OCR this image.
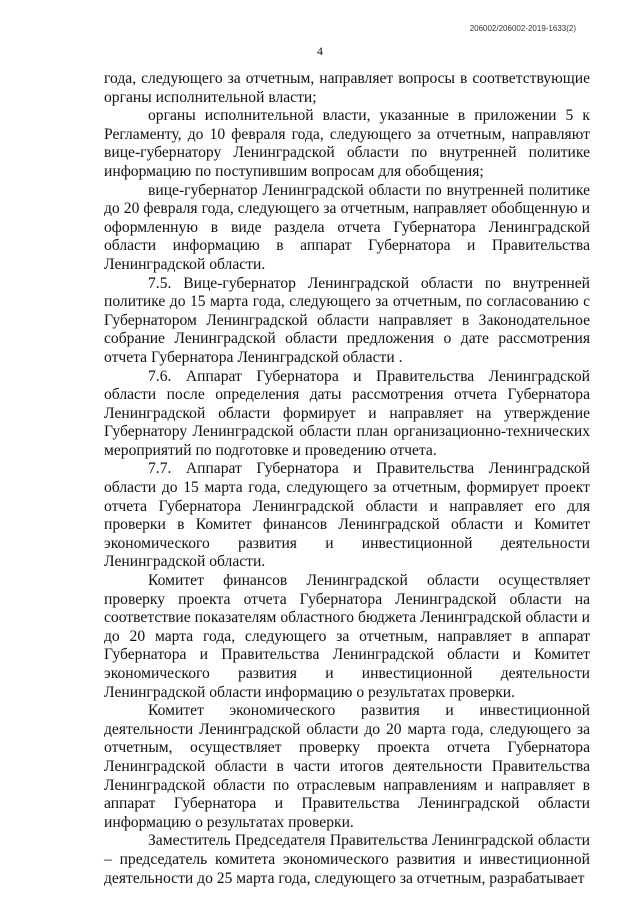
206002/206002-2019-1633(2)
4

года, следующего за отчетным, направляет вопросы в соответствующие органы исполнительной власти;

органы исполнительной власти, указанные в приложении 5 к Регламенту, до 10 февраля года, следующего за отчетным, направляют вице-губернатору Ленинградской области по внутренней политике информацию по поступившим вопросам для обобщения;

вице-губернатор Ленинградской области по внутренней политике до 20 февраля года, следующего за отчетным, направляет обобщенную и оформленную в виде раздела отчета Губернатора Ленинградской области информацию в аппарат Губернатора и Правительства Ленинградской области.

7.5. Вице-губернатор Ленинградской области по внутренней политике до 15 марта года, следующего за отчетным, по согласованию с Губернатором Ленинградской области направляет в Законодательное собрание Ленинградской области предложения о дате рассмотрения отчета Губернатора Ленинградской области .

7.6. Аппарат Губернатора и Правительства Ленинградской области после определения даты рассмотрения отчета Губернатора Ленинградской области формирует и направляет на утверждение Губернатору Ленинградской области план организационно-технических мероприятий по подготовке и проведению отчета.

7.7. Аппарат Губернатора и Правительства Ленинградской области до 15 марта года, следующего за отчетным, формирует проект отчета Губернатора Ленинградской области и направляет его для проверки в Комитет финансов Ленинградской области и Комитет экономического развития и инвестиционной деятельности Ленинградской области.

Комитет финансов Ленинградской области осуществляет проверку проекта отчета Губернатора Ленинградской области на соответствие показателям областного бюджета Ленинградской области и до 20 марта года, следующего за отчетным, направляет в аппарат Губернатора и Правительства Ленинградской области и Комитет экономического развития и инвестиционной деятельности Ленинградской области информацию о результатах проверки.

Комитет экономического развития и инвестиционной деятельности Ленинградской области до 20 марта года, следующего за отчетным, осуществляет проверку проекта отчета Губернатора Ленинградской области в части итогов деятельности Правительства Ленинградской области по отраслевым направлениям и направляет в аппарат Губернатора и Правительства Ленинградской области информацию о результатах проверки.

Заместитель Председателя Правительства Ленинградской области – председатель комитета экономического развития и инвестиционной деятельности до 25 марта года, следующего за отчетным, разрабатывает
